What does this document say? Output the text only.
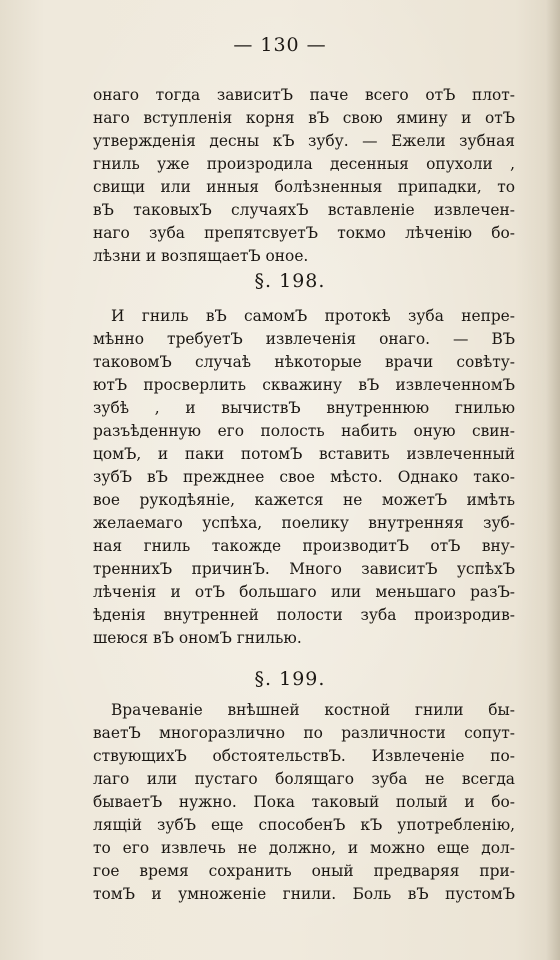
— 130 —
онаго тогда зависитЪ паче всего отЪ плот-
наго вступленія корня вЪ свою ямину и отЪ
утвержденія десны кЪ зубу. — Ежели зубная
гниль уже произродила десенныя опухоли ,
свищи или инныя болѣзненныя припадки, то
вЪ таковыхЪ случаяхЪ вставленіе извлечен-
наго зуба препятсвуетЪ токмо лѣченію бо-
лѣзни и возпящаетЪ оное.
§. 198.
И гниль вЪ самомЪ протокѣ зуба непре-
мѣнно требуетЪ извлеченія онаго. — ВЪ
таковомЪ случаѣ нѣкоторые врачи совѣту-
ютЪ просверлить скважину вЪ извлеченномЪ
зубѣ , и вычиствЪ внутреннюю гнилью
разъѣденную его полость набить оную свин-
цомЪ, и паки потомЪ вставить извлеченный
зубЪ вЪ прежднее свое мѣсто. Однако тако-
вое рукодѣяніе, кажется не можетЪ имѣть
желаемаго успѣха, поелику внутренняя зуб-
ная гниль такожде производитЪ отЪ вну-
треннихЪ причинЪ. Много зависитЪ успѣхЪ
лѣченія и отЪ большаго или меньшаго разЪ-
ѣденія внутренней полости зуба произродив-
шеюся вЪ ономЪ гнилью.
§. 199.
Врачеваніе внѣшней костной гнили бы-
ваетЪ многоразлично по различности сопут-
ствующихЪ обстоятельствЪ. Извлеченіе по-
лаго или пустаго болящаго зуба не всегда
бываетЪ нужно. Пока таковый полый и бо-
лящій зубЪ еще способенЪ кЪ употребленію,
то его извлечь не должно, и можно еще дол-
гое время сохранить оный предваряя при-
томЪ и умноженіе гнили. Боль вЪ пустомЪ
